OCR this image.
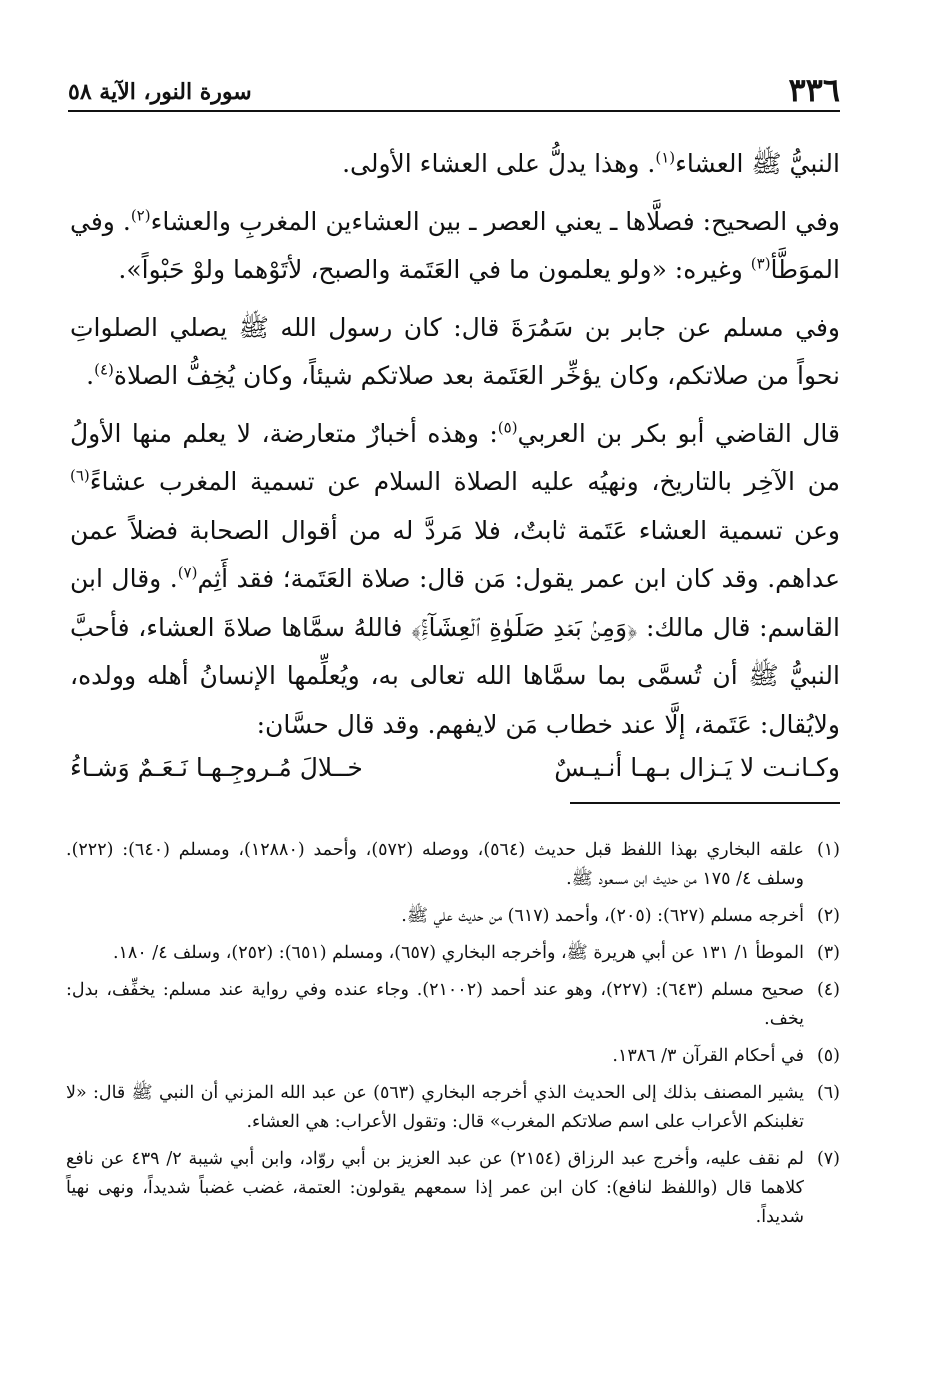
٣٣٦
سورة النور، الآية ٥٨

النبيُّ ﷺ العشاء$^{(١)}$. وهذا يدلُّ على العشاء الأولى.

وفي الصحيح: فصلَّاها ـ يعني العصر ـ بين العشاءين المغربِ والعشاء$^{(٢)}$. وفي الموَطَّأ$^{(٣)}$ وغيره: «ولو يعلمون ما في العَتَمة والصبح، لأتَوْهما ولوْ حَبْواً».

وفي مسلم عن جابر بن سَمُرَةَ قال: كان رسول الله ﷺ يصلي الصلواتِ نحواً من صلاتكم، وكان يؤخِّر العَتَمة بعد صلاتكم شيئاً، وكان يُخِفُّ الصلاة$^{(٤)}$.

قال القاضي أبو بكر بن العربي$^{(٥)}$: وهذه أخبارٌ متعارضة، لا يعلم منها الأولُ من الآخِر بالتاريخ، ونهيُه عليه الصلاة السلام عن تسمية المغرب عشاءً$^{(٦)}$ وعن تسمية العشاء عَتَمة ثابتٌ، فلا مَردَّ له من أقوال الصحابة فضلاً عمن عداهم. وقد كان ابن عمر يقول: مَن قال: صلاة العَتَمة؛ فقد أَثِم$^{(٧)}$. وقال ابن القاسم: قال مالك: ﴿وَمِنۢ بَعۡدِ صَلَوٰةِ ٱلۡعِشَآءِۚ﴾ فاللهُ سمَّاها صلاةَ العشاء، فأحبَّ النبيُّ ﷺ أن تُسمَّى بما سمَّاها الله تعالى به، ويُعلِّمها الإنسانُ أهله وولده، ولايُقال: عَتَمة، إلَّا عند خطاب مَن لايفهم. وقد قال حسَّان:

وكـانـت لا يَـزال بـهـا أنـيـسٌ
خــلالَ مُـروجِـهـا نَـعَـمٌ وَشـاءُ
(١)
علقه البخاري بهذا اللفظ قبل حديث (٥٦٤)، ووصله (٥٧٢)، وأحمد (١٢٨٨٠)، ومسلم (٦٤٠): (٢٢٢). وسلف ٤/ ١٧٥ من حديث ابن مسعود ﷺ.
(٢)
أخرجه مسلم (٦٢٧): (٢٠٥)، وأحمد (٦١٧) من حديث علي ﷺ.
(٣)
الموطأ ١/ ١٣١ عن أبي هريرة ﷺ، وأخرجه البخاري (٦٥٧)، ومسلم (٦٥١): (٢٥٢)، وسلف ٤/ ١٨٠.
(٤)
صحيح مسلم (٦٤٣): (٢٢٧)، وهو عند أحمد (٢١٠٠٢). وجاء عنده وفي رواية عند مسلم: يخفِّف، بدل: يخف.
(٥)
في أحكام القرآن ٣/ ١٣٨٦.
(٦)
يشير المصنف بذلك إلى الحديث الذي أخرجه البخاري (٥٦٣) عن عبد الله المزني أن النبي ﷺ قال: «لا تغلبنكم الأعراب على اسم صلاتكم المغرب» قال: وتقول الأعراب: هي العشاء.
(٧)
لم نقف عليه، وأخرج عبد الرزاق (٢١٥٤) عن عبد العزيز بن أبي روّاد، وابن أبي شيبة ٢/ ٤٣٩ عن نافع كلاهما قال (واللفظ لنافع): كان ابن عمر إذا سمعهم يقولون: العتمة، غضب غضباً شديداً، ونهى نهياً شديداً.
